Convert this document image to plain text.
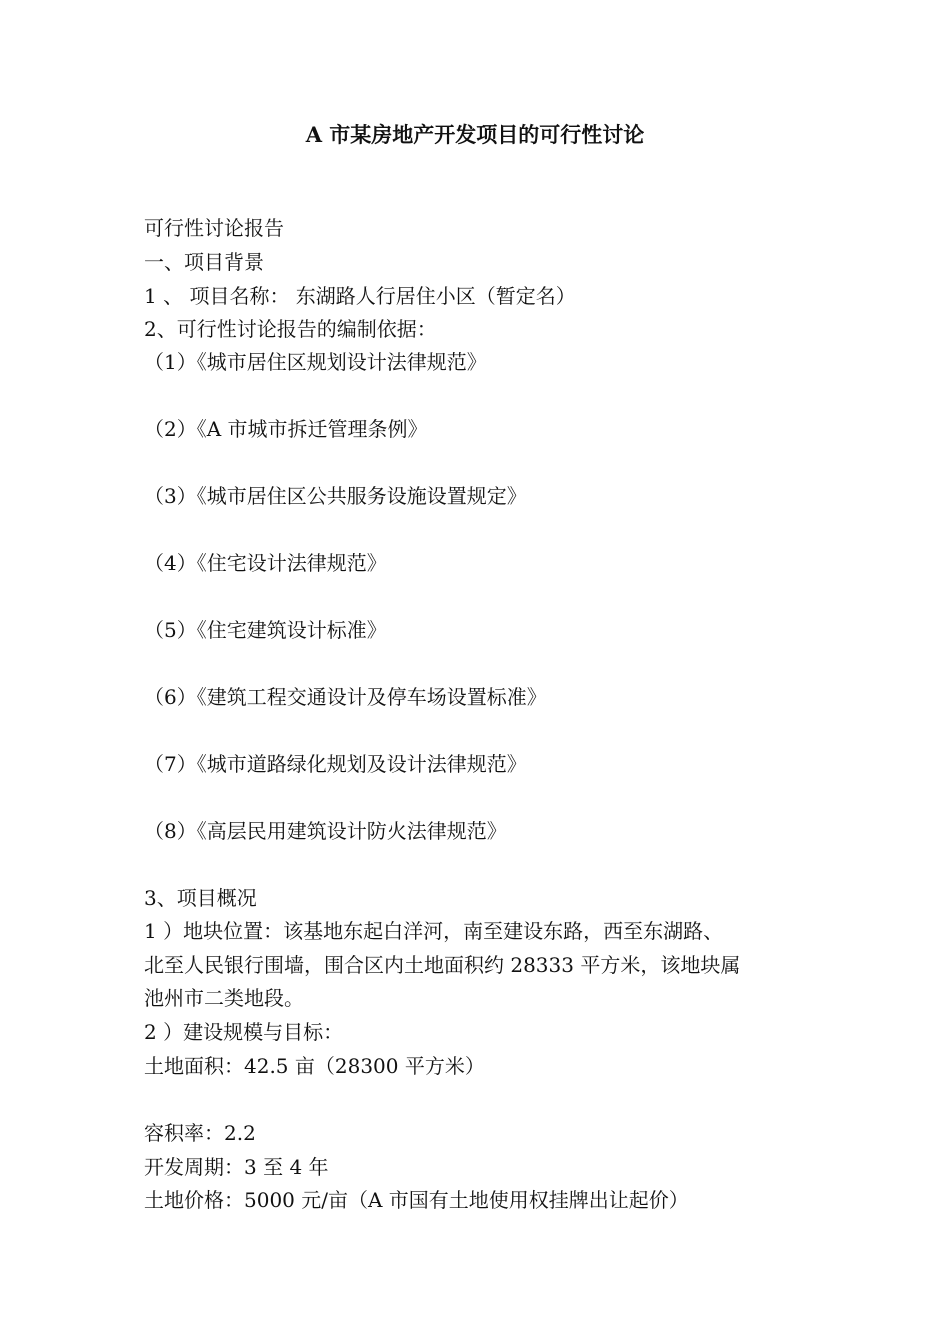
A 市某房地产开发项目的可行性讨论
可行性讨论报告
一、项目背景
1 、 项目名称： 东湖路人行居住小区（暂定名）
2、可行性讨论报告的编制依据：
（1）《城市居住区规划设计法律规范》
（2）《A 市城市拆迁管理条例》
（3）《城市居住区公共服务设施设置规定》
（4）《住宅设计法律规范》
（5）《住宅建筑设计标准》
（6）《建筑工程交通设计及停车场设置标准》
（7）《城市道路绿化规划及设计法律规范》
（8）《高层民用建筑设计防火法律规范》
3、项目概况
1 ）地块位置：该基地东起白洋河，南至建设东路，西至东湖路、
北至人民银行围墙，围合区内土地面积约 28333 平方米，该地块属
池州市二类地段。
2 ）建设规模与目标：
土地面积：42.5 亩（28300 平方米）
容积率：2.2
开发周期：3 至 4 年
土地价格：5000 元/亩（A 市国有土地使用权挂牌出让起价）
